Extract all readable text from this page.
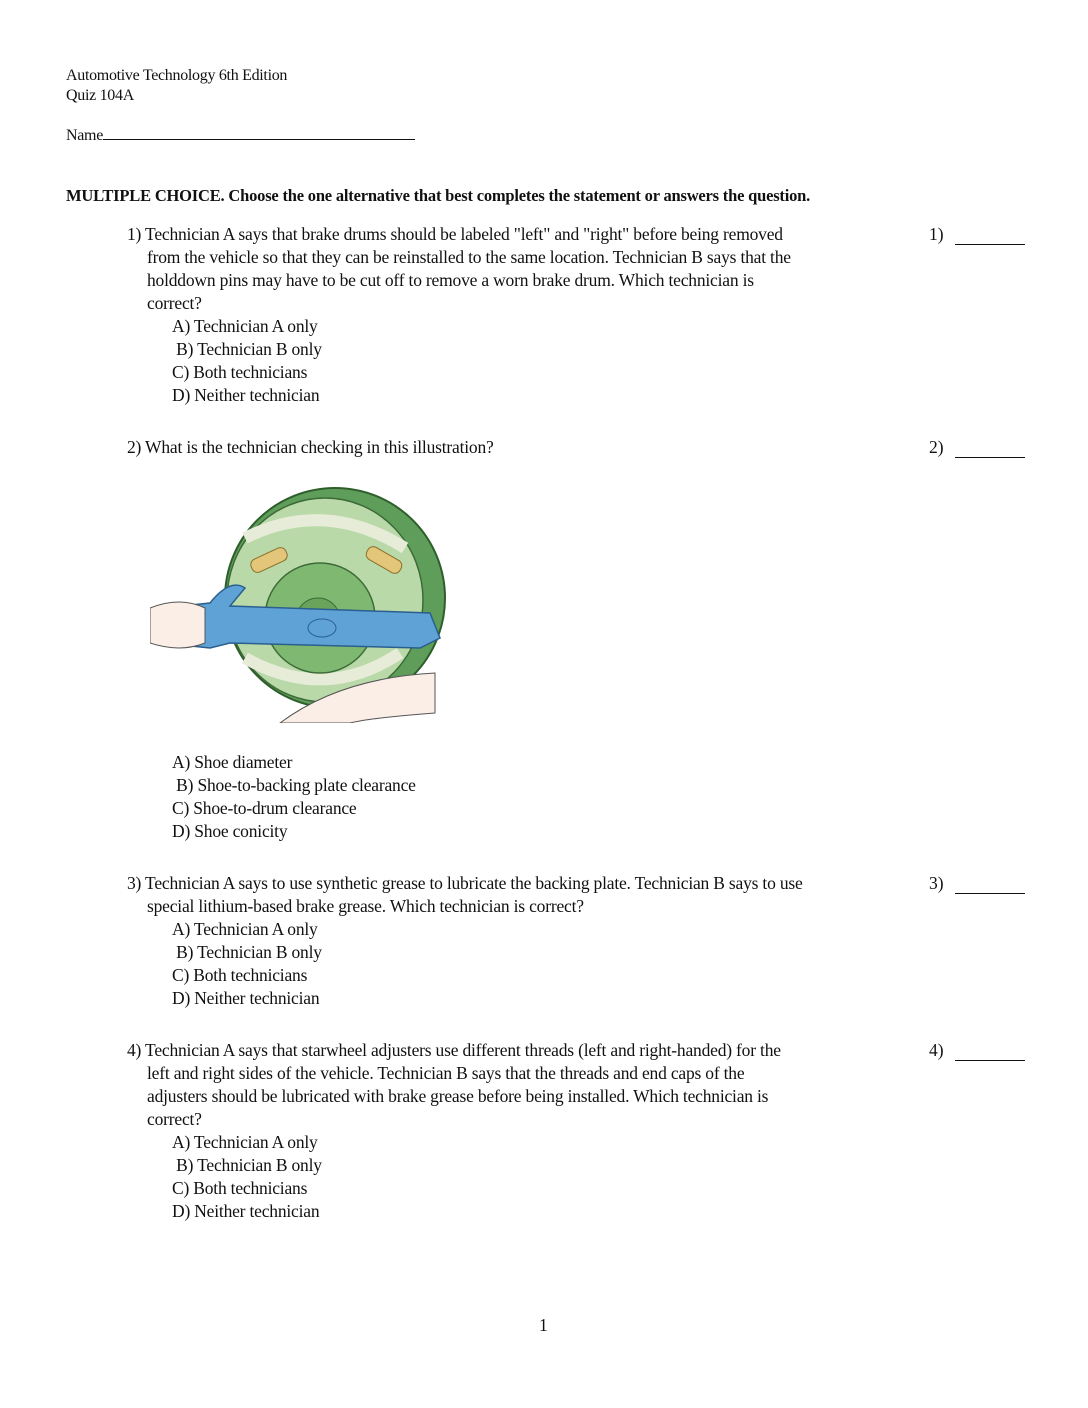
Automotive Technology 6th Edition
Quiz 104A
Name
MULTIPLE CHOICE. Choose the one alternative that best completes the statement or answers the question.
1) Technician A says that brake drums should be labeled "left" and "right" before being removed
from the vehicle so that they can be reinstalled to the same location. Technician B says that the
holddown pins may have to be cut off to remove a worn brake drum. Which technician is
correct?
A) Technician A only
B) Technician B only
C) Both technicians
D) Neither technician
1)
2) What is the technician checking in this illustration?	2)
A) Shoe diameter
B) Shoe-to-backing plate clearance
C) Shoe-to-drum clearance
D) Shoe conicity
3) Technician A says to use synthetic grease to lubricate the backing plate. Technician B says to use
special lithium-based brake grease. Which technician is correct?
A) Technician A only
B) Technician B only
C) Both technicians
D) Neither technician
3)
4) Technician A says that starwheel adjusters use different threads (left and right-handed) for the
left and right sides of the vehicle. Technician B says that the threads and end caps of the
adjusters should be lubricated with brake grease before being installed. Which technician is
correct?
A) Technician A only
B) Technician B only
C) Both technicians
D) Neither technician
4)
1
